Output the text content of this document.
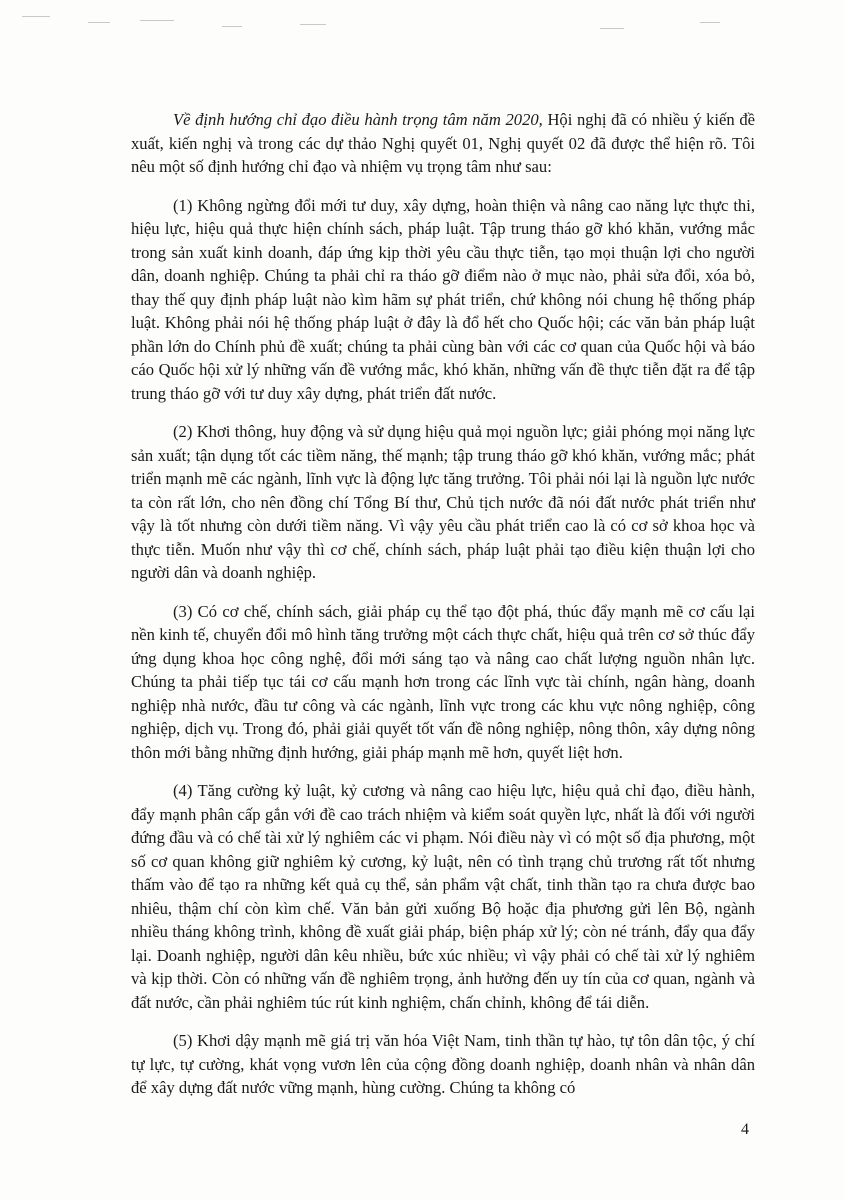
Về định hướng chỉ đạo điều hành trọng tâm năm 2020, Hội nghị đã có nhiều ý kiến đề xuất, kiến nghị và trong các dự thảo Nghị quyết 01, Nghị quyết 02 đã được thể hiện rõ. Tôi nêu một số định hướng chỉ đạo và nhiệm vụ trọng tâm như sau:

(1) Không ngừng đổi mới tư duy, xây dựng, hoàn thiện và nâng cao năng lực thực thi, hiệu lực, hiệu quả thực hiện chính sách, pháp luật. Tập trung tháo gỡ khó khăn, vướng mắc trong sản xuất kinh doanh, đáp ứng kịp thời yêu cầu thực tiễn, tạo mọi thuận lợi cho người dân, doanh nghiệp. Chúng ta phải chỉ ra tháo gỡ điểm nào ở mục nào, phải sửa đổi, xóa bỏ, thay thế quy định pháp luật nào kìm hãm sự phát triển, chứ không nói chung hệ thống pháp luật. Không phải nói hệ thống pháp luật ở đây là đổ hết cho Quốc hội; các văn bản pháp luật phần lớn do Chính phủ đề xuất; chúng ta phải cùng bàn với các cơ quan của Quốc hội và báo cáo Quốc hội xử lý những vấn đề vướng mắc, khó khăn, những vấn đề thực tiễn đặt ra để tập trung tháo gỡ với tư duy xây dựng, phát triển đất nước.

(2) Khơi thông, huy động và sử dụng hiệu quả mọi nguồn lực; giải phóng mọi năng lực sản xuất; tận dụng tốt các tiềm năng, thế mạnh; tập trung tháo gỡ khó khăn, vướng mắc; phát triển mạnh mẽ các ngành, lĩnh vực là động lực tăng trưởng. Tôi phải nói lại là nguồn lực nước ta còn rất lớn, cho nên đồng chí Tổng Bí thư, Chủ tịch nước đã nói đất nước phát triển như vậy là tốt nhưng còn dưới tiềm năng. Vì vậy yêu cầu phát triển cao là có cơ sở khoa học và thực tiễn. Muốn như vậy thì cơ chế, chính sách, pháp luật phải tạo điều kiện thuận lợi cho người dân và doanh nghiệp.

(3) Có cơ chế, chính sách, giải pháp cụ thể tạo đột phá, thúc đẩy mạnh mẽ cơ cấu lại nền kinh tế, chuyển đổi mô hình tăng trưởng một cách thực chất, hiệu quả trên cơ sở thúc đẩy ứng dụng khoa học công nghệ, đổi mới sáng tạo và nâng cao chất lượng nguồn nhân lực. Chúng ta phải tiếp tục tái cơ cấu mạnh hơn trong các lĩnh vực tài chính, ngân hàng, doanh nghiệp nhà nước, đầu tư công và các ngành, lĩnh vực trong các khu vực nông nghiệp, công nghiệp, dịch vụ. Trong đó, phải giải quyết tốt vấn đề nông nghiệp, nông thôn, xây dựng nông thôn mới bằng những định hướng, giải pháp mạnh mẽ hơn, quyết liệt hơn.

(4) Tăng cường kỷ luật, kỷ cương và nâng cao hiệu lực, hiệu quả chỉ đạo, điều hành, đẩy mạnh phân cấp gắn với đề cao trách nhiệm và kiểm soát quyền lực, nhất là đối với người đứng đầu và có chế tài xử lý nghiêm các vi phạm. Nói điều này vì có một số địa phương, một số cơ quan không giữ nghiêm kỷ cương, kỷ luật, nên có tình trạng chủ trương rất tốt nhưng thấm vào để tạo ra những kết quả cụ thể, sản phẩm vật chất, tinh thần tạo ra chưa được bao nhiêu, thậm chí còn kìm chế. Văn bản gửi xuống Bộ hoặc địa phương gửi lên Bộ, ngành nhiều tháng không trình, không đề xuất giải pháp, biện pháp xử lý; còn né tránh, đẩy qua đẩy lại. Doanh nghiệp, người dân kêu nhiều, bức xúc nhiều; vì vậy phải có chế tài xử lý nghiêm và kịp thời. Còn có những vấn đề nghiêm trọng, ảnh hưởng đến uy tín của cơ quan, ngành và đất nước, cần phải nghiêm túc rút kinh nghiệm, chấn chỉnh, không để tái diễn.

(5) Khơi dậy mạnh mẽ giá trị văn hóa Việt Nam, tinh thần tự hào, tự tôn dân tộc, ý chí tự lực, tự cường, khát vọng vươn lên của cộng đồng doanh nghiệp, doanh nhân và nhân dân để xây dựng đất nước vững mạnh, hùng cường. Chúng ta không có

4
